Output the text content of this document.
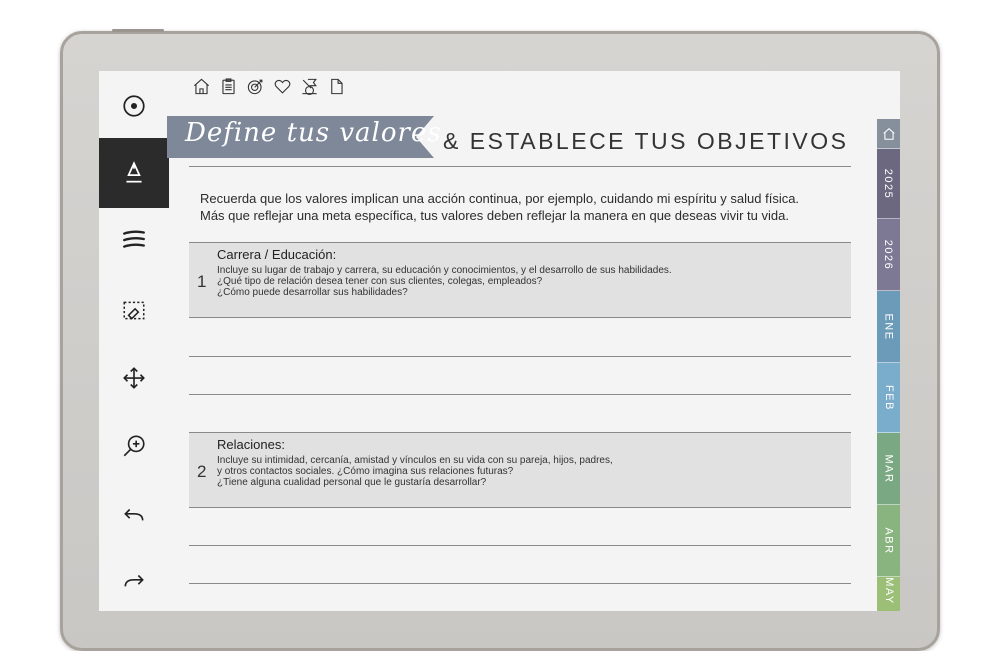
Define tus valores & ESTABLECE TUS OBJETIVOS
Recuerda que los valores implican una acción continua, por ejemplo, cuidando mi espíritu y salud física.
Más que reflejar una meta específica, tus valores deben reflejar la manera en que deseas vivir tu vida.
Carrera / Educación:
1
Incluye su lugar de trabajo y carrera, su educación y conocimientos, y el desarrollo de sus habilidades.
¿Qué tipo de relación desea tener con sus clientes, colegas, empleados?
¿Cómo puede desarrollar sus habilidades?
Relaciones:
2
Incluye su intimidad, cercanía, amistad y vínculos en su vida con su pareja, hijos, padres,
y otros contactos sociales. ¿Cómo imagina sus relaciones futuras?
¿Tiene alguna cualidad personal que le gustaría desarrollar?
2025
2026
ENE
FEB
MAR
ABR
MAY
